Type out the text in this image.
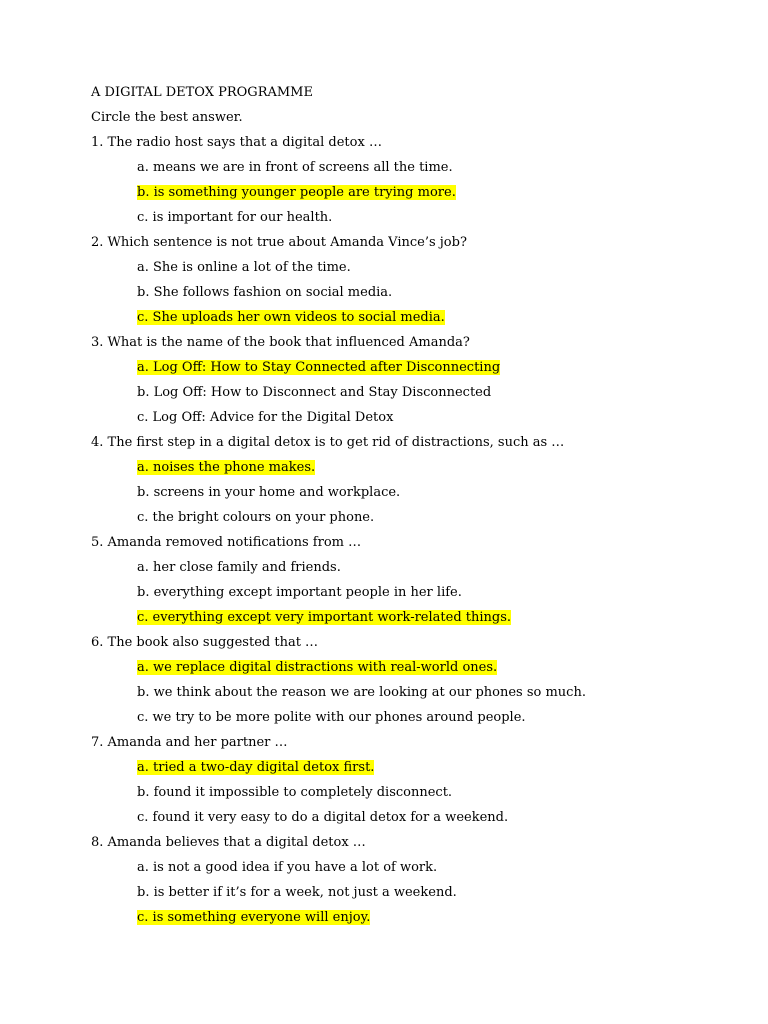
A DIGITAL DETOX PROGRAMME
Circle the best answer.
1. The radio host says that a digital detox …
a. means we are in front of screens all the time.
b. is something younger people are trying more.
c. is important for our health.
2. Which sentence is not true about Amanda Vince’s job?
a. She is online a lot of the time.
b. She follows fashion on social media.
c. She uploads her own videos to social media.
3. What is the name of the book that influenced Amanda?
a. Log Off: How to Stay Connected after Disconnecting
b. Log Off: How to Disconnect and Stay Disconnected
c. Log Off: Advice for the Digital Detox
4. The first step in a digital detox is to get rid of distractions, such as …
a. noises the phone makes.
b. screens in your home and workplace.
c. the bright colours on your phone.
5. Amanda removed notifications from …
a. her close family and friends.
b. everything except important people in her life.
c. everything except very important work-related things.
6. The book also suggested that …
a. we replace digital distractions with real-world ones.
b. we think about the reason we are looking at our phones so much.
c. we try to be more polite with our phones around people.
7. Amanda and her partner …
a. tried a two-day digital detox first.
b. found it impossible to completely disconnect.
c. found it very easy to do a digital detox for a weekend.
8. Amanda believes that a digital detox …
a. is not a good idea if you have a lot of work.
b. is better if it’s for a week, not just a weekend.
c. is something everyone will enjoy.
